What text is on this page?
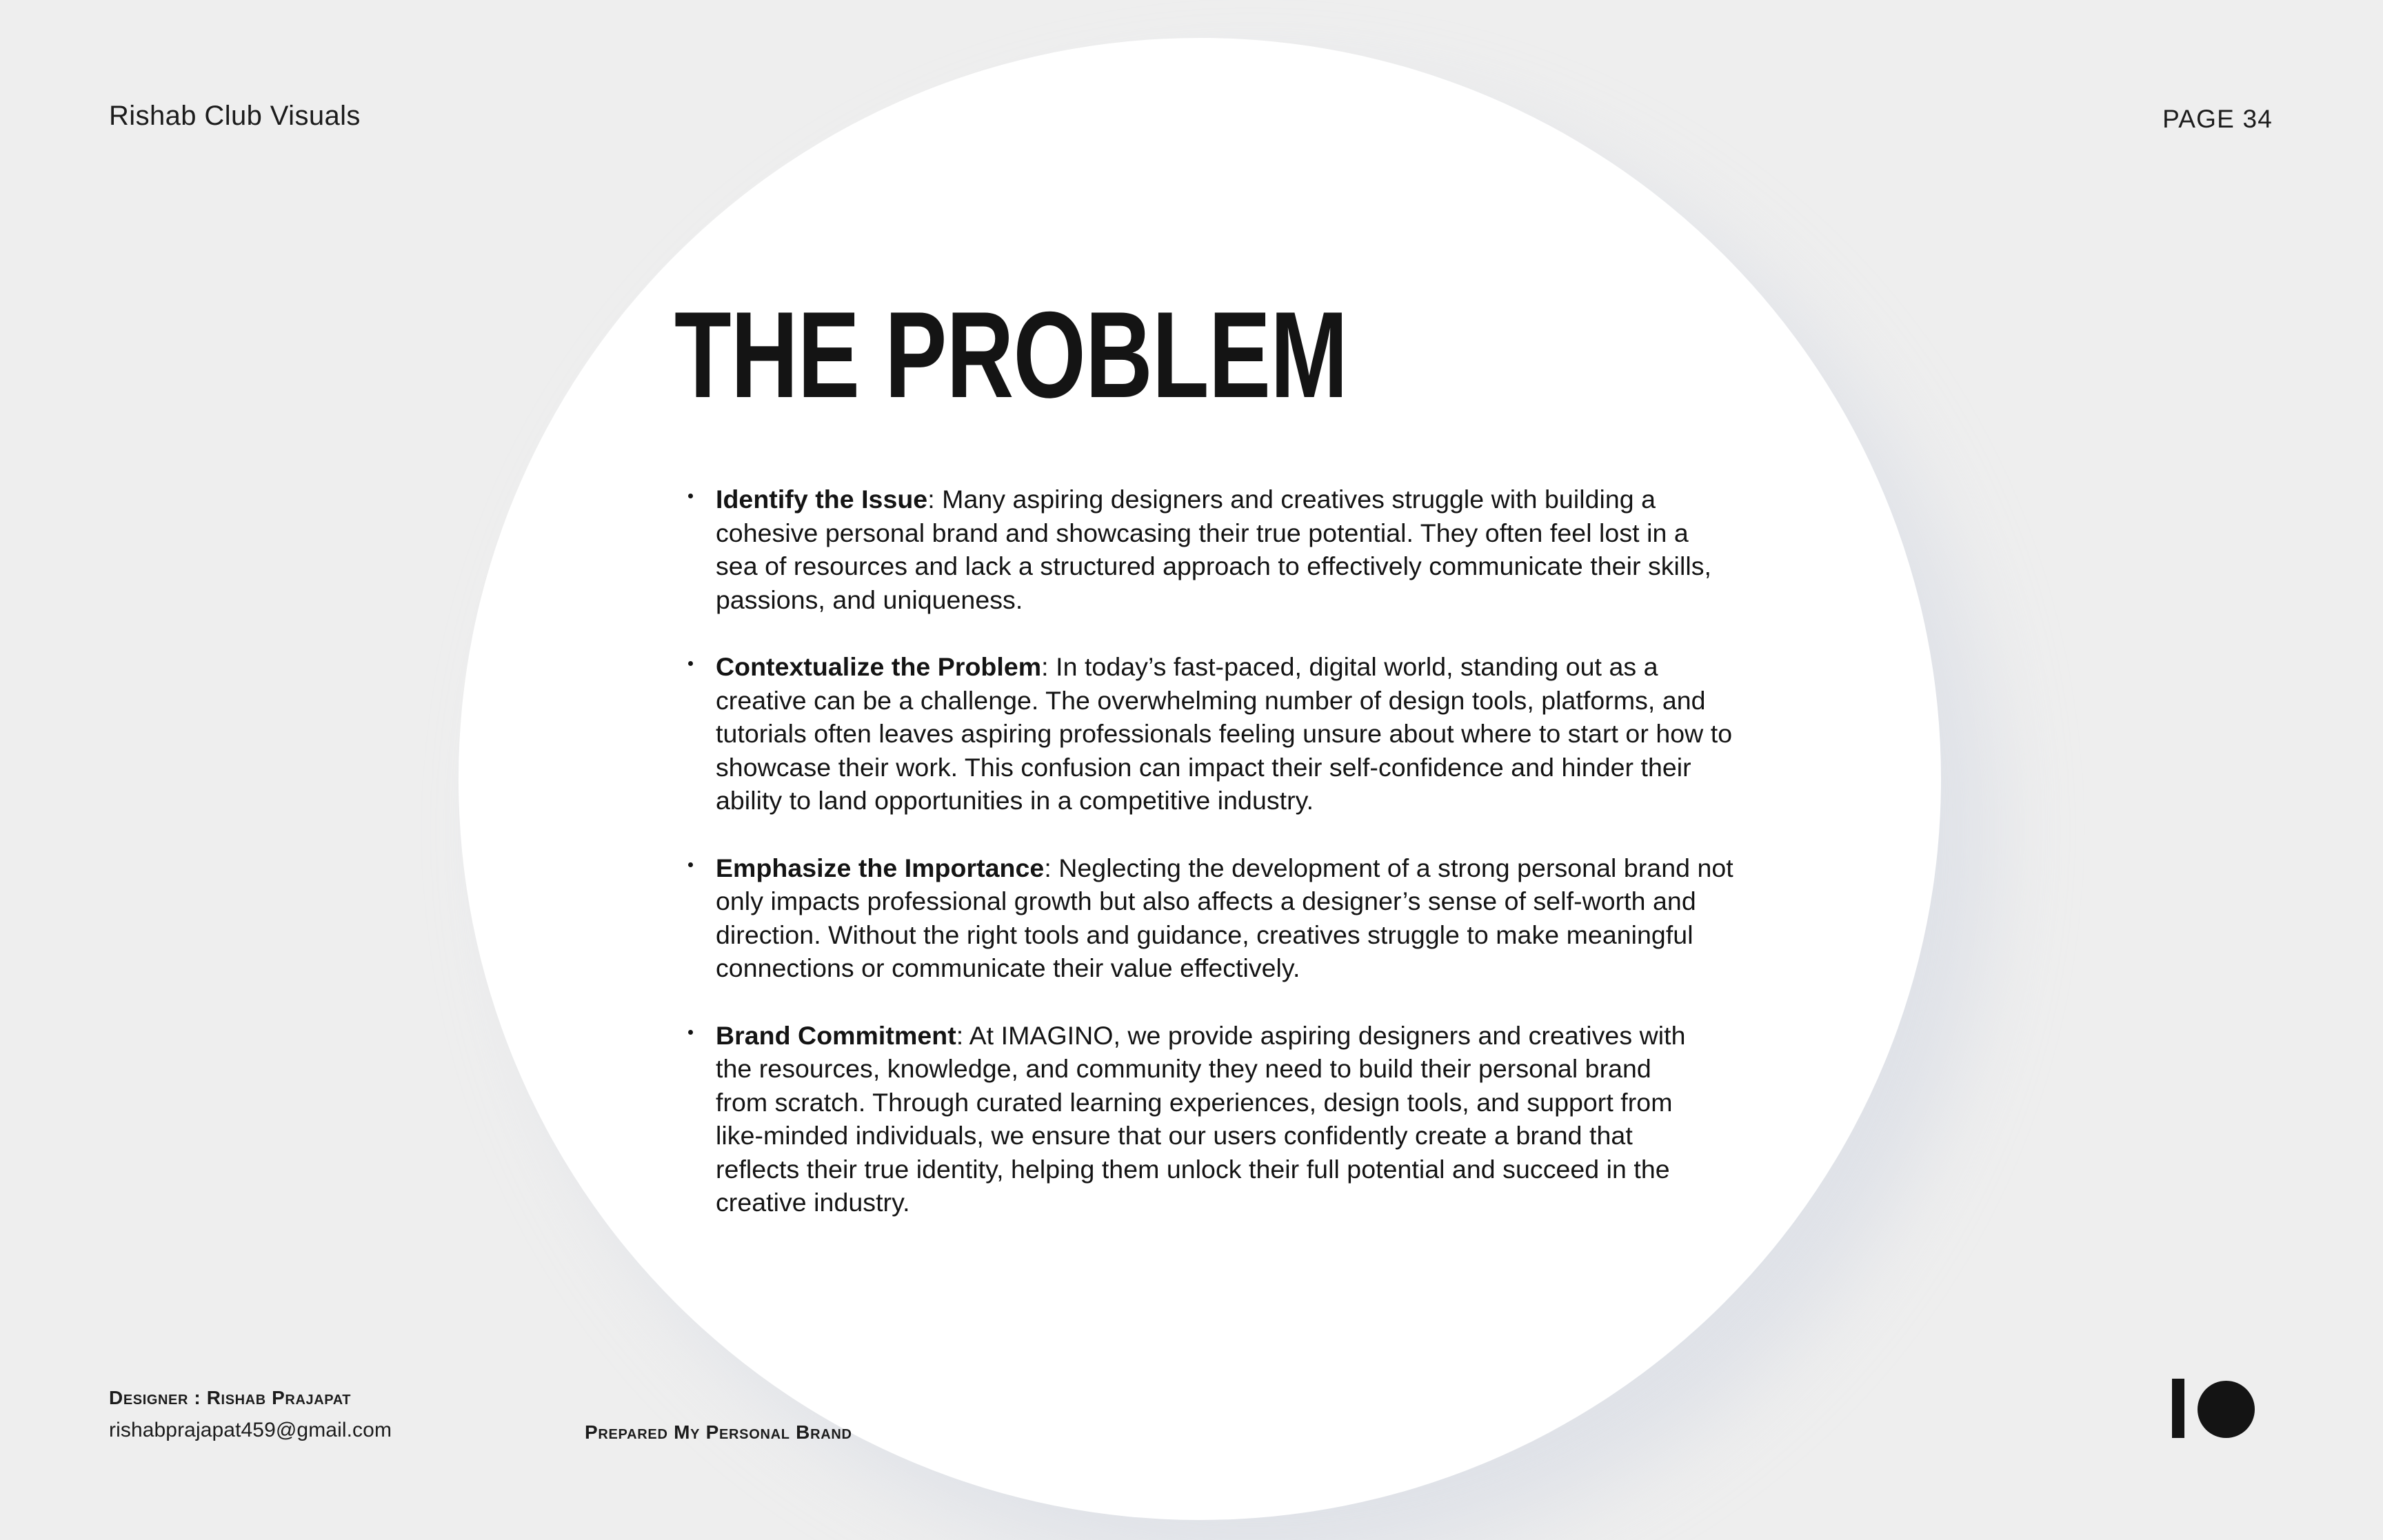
Rishab Club Visuals	PAGE 34
THE PROBLEM
Identify the Issue: Many aspiring designers and creatives struggle with building a cohesive personal brand and showcasing their true potential. They often feel lost in a sea of resources and lack a structured approach to effectively communicate their skills, passions, and uniqueness.
Contextualize the Problem: In today’s fast-paced, digital world, standing out as a creative can be a challenge. The overwhelming number of design tools, platforms, and tutorials often leaves aspiring professionals feeling unsure about where to start or how to showcase their work. This confusion can impact their self-confidence and hinder their ability to land opportunities in a competitive industry.
Emphasize the Importance: Neglecting the development of a strong personal brand not only impacts professional growth but also affects a designer’s sense of self-worth and direction. Without the right tools and guidance, creatives struggle to make meaningful connections or communicate their value effectively.
Brand Commitment: At IMAGINO, we provide aspiring designers and creatives with the resources, knowledge, and community they need to build their personal brand from scratch. Through curated learning experiences, design tools, and support from like-minded individuals, we ensure that our users confidently create a brand that reflects their true identity, helping them unlock their full potential and succeed in the creative industry.
Designer : Rishab Prajapat
rishabprajapat459@gmail.com	Prepared My Personal Brand
